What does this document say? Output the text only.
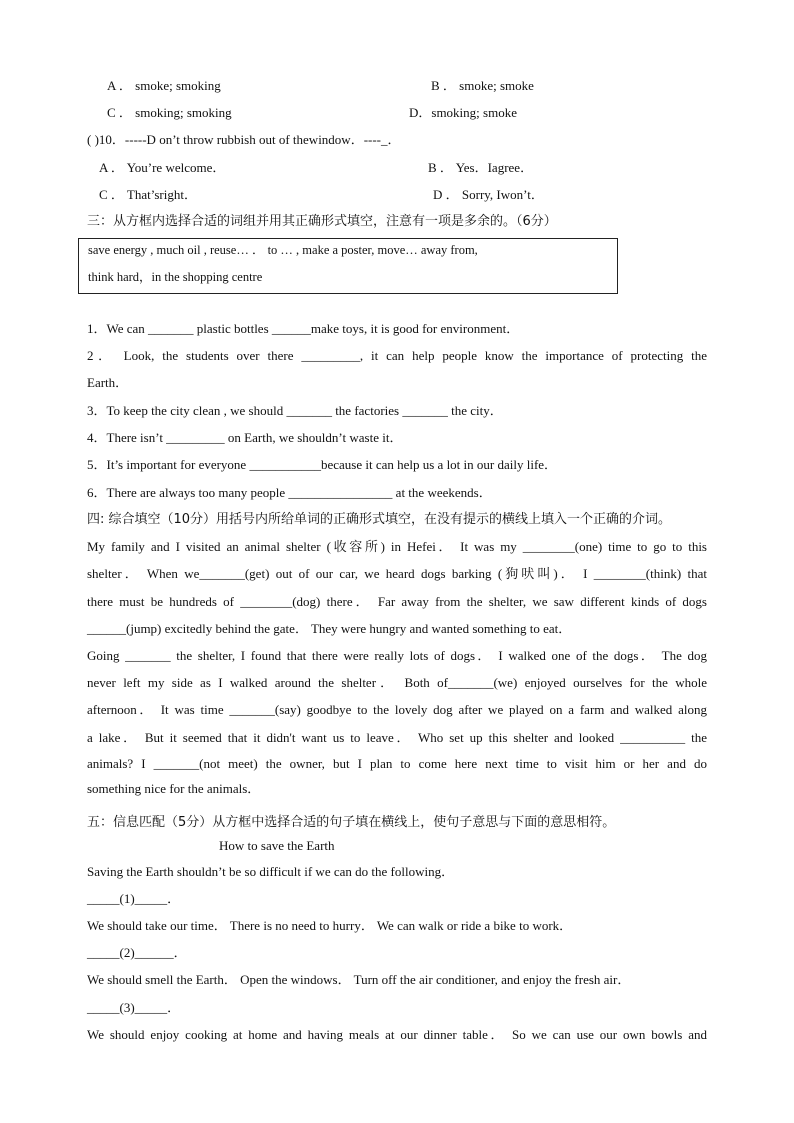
A ． smoke; smoking	B ． smoke; smoke
C ． smoking; smoking	D．smoking; smoke
( )10．-----D on’t throw rubbish out of thewindow．----_．
A ． You’re welcome．	B ． Yes．Iagree．
C ． That’sright．	D ． Sorry, Iwon’t．
三：从方框内选择合适的词组并用其正确形式填空，注意有一项是多余的。（6分）
save energy , much oil , reuse… ． to … , make a poster, move… away from,
think hard，in the shopping centre
1．We can _______ plastic bottles ______make toys, it is good for environment．
2． Look, the students over there _________, it can help people know the importance of protecting the
Earth．
3．To keep the city clean , we should _______ the factories _______ the city．
4．There isn’t _________ on Earth, we shouldn’t waste it．
5．It’s important for everyone ___________because it can help us a lot in our daily life．
6．There are always too many people ________________ at the weekends．
四: 综合填空（10分）用括号内所给单词的正确形式填空，在没有提示的横线上填入一个正确的介词。
My family and I visited an animal shelter (收容所) in Hefei． It was my ________(one) time to go to this
shelter． When we_______(get) out of our car, we heard dogs barking (狗吠叫)． I ________(think) that
there must be hundreds of ________(dog) there． Far away from the shelter, we saw different kinds of dogs
______(jump) excitedly behind the gate． They were hungry and wanted something to eat．
Going _______ the shelter, I found that there were really lots of dogs． I walked one of the dogs． The dog
never left my side as I walked around the shelter． Both of_______(we) enjoyed ourselves for the whole
afternoon． It was time _______(say) goodbye to the lovely dog after we played on a farm and walked along
a lake． But it seemed that it didn't want us to leave． Who set up this shelter and looked __________ the
animals? I _______(not meet) the owner, but I plan to come here next time to visit him or her and do
something nice for the animals．
五：信息匹配（5分）从方框中选择合适的句子填在横线上，使句子意思与下面的意思相符。
How to save the Earth
Saving the Earth shouldn’t be so difficult if we can do the following．
_____(1)_____．
We should take our time． There is no need to hurry． We can walk or ride a bike to work．
_____(2)______．
We should smell the Earth． Open the windows． Turn off the air conditioner, and enjoy the fresh air．
_____(3)_____．
We should enjoy cooking at home and having meals at our dinner table． So we can use our own bowls and
